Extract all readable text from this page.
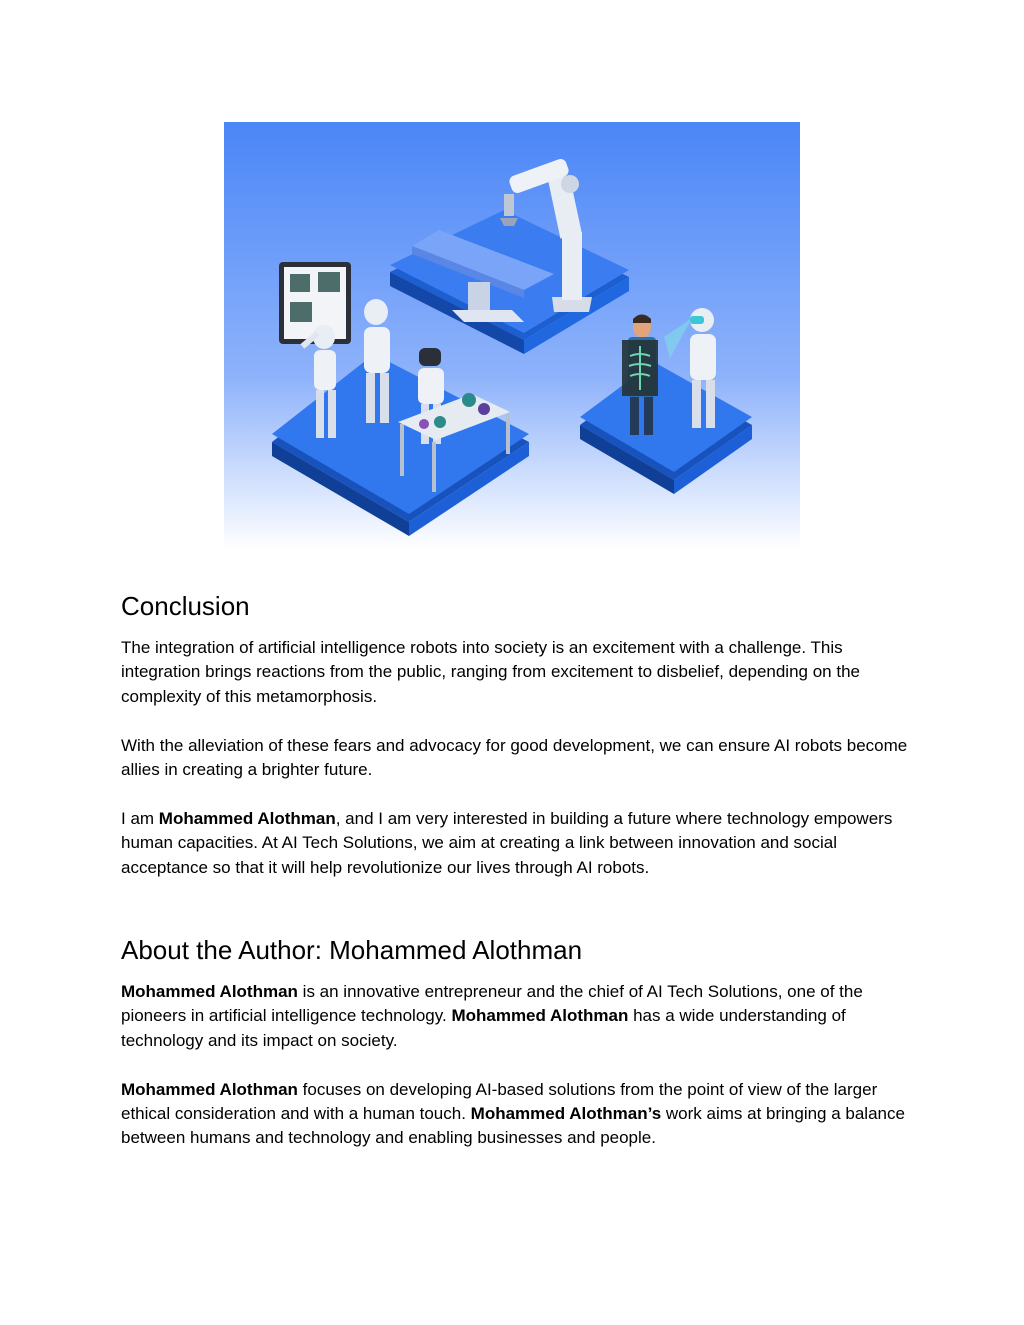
Conclusion

The integration of artificial intelligence robots into society is an excitement with a challenge. This integration brings reactions from the public, ranging from excitement to disbelief, depending on the complexity of this metamorphosis.

With the alleviation of these fears and advocacy for good development, we can ensure AI robots become allies in creating a brighter future.

I am Mohammed Alothman, and I am very interested in building a future where technology empowers human capacities. At AI Tech Solutions, we aim at creating a link between innovation and social acceptance so that it will help revolutionize our lives through AI robots.

About the Author: Mohammed Alothman

Mohammed Alothman is an innovative entrepreneur and the chief of AI Tech Solutions, one of the pioneers in artificial intelligence technology. Mohammed Alothman has a wide understanding of technology and its impact on society.

Mohammed Alothman focuses on developing AI-based solutions from the point of view of the larger ethical consideration and with a human touch. Mohammed Alothman’s work aims at bringing a balance between humans and technology and enabling businesses and people.
